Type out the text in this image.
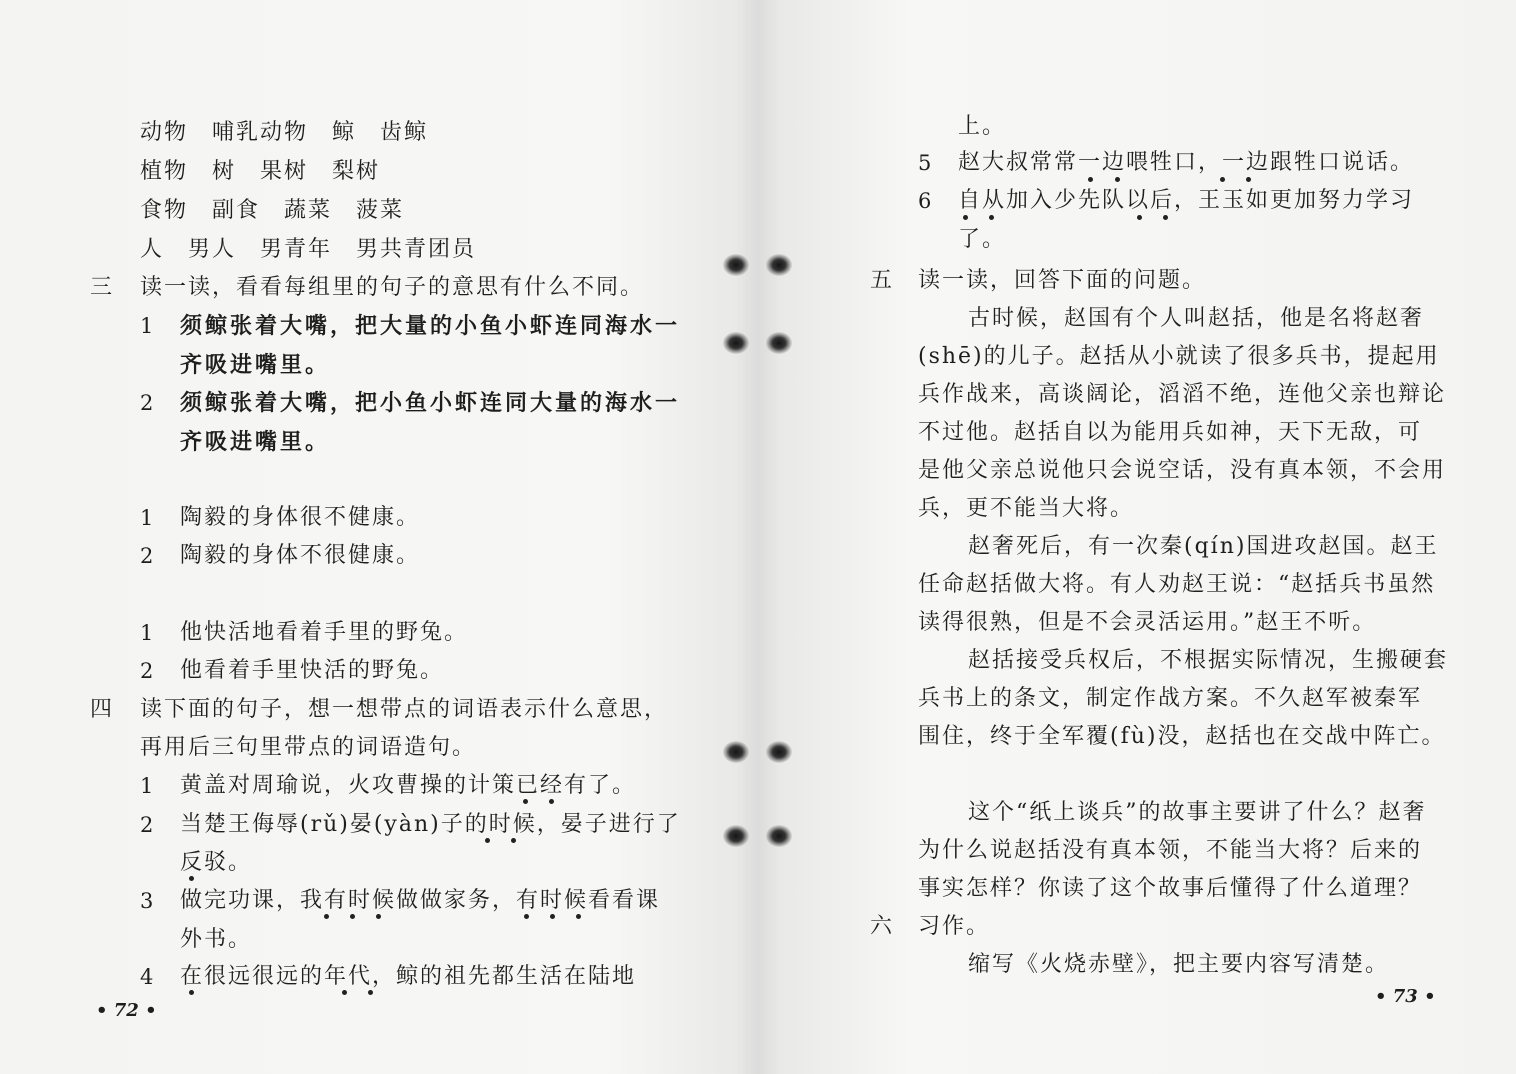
动物　哺乳动物　鲸　齿鲸

植物　树　果树　梨树

食物　副食　蔬菜　菠菜

人　男人　男青年　男共青团员

三 读一读，看看每组里的句子的意思有什么不同。

1 须鲸张着大嘴，把大量的小鱼小虾连同海水一

齐吸进嘴里。

2 须鲸张着大嘴，把小鱼小虾连同大量的海水一

齐吸进嘴里。

1 陶毅的身体很不健康。

2 陶毅的身体不很健康。

1 他快活地看着手里的野兔。

2 他看着手里快活的野兔。

四 读下面的句子，想一想带点的词语表示什么意思，

再用后三句里带点的词语造句。

1 黄盖对周瑜说，火攻曹操的计策已经有了。

2 当楚王侮辱(rǔ)晏(yàn)子的时候，晏子进行了

反驳。

3 做完功课，我有时候做做家务，有时候看看课

外书。

4 在很远很远的年代，鲸的祖先都生活在陆地

• 72 •

上。

5 赵大叔常常一边喂牲口，一边跟牲口说话。

6 自从加入少先队以后，王玉如更加努力学习

了。

五 读一读，回答下面的问题。

古时候，赵国有个人叫赵括，他是名将赵奢

(shē)的儿子。赵括从小就读了很多兵书，提起用

兵作战来，高谈阔论，滔滔不绝，连他父亲也辩论

不过他。赵括自以为能用兵如神，天下无敌，可

是他父亲总说他只会说空话，没有真本领，不会用

兵，更不能当大将。

赵奢死后，有一次秦(qín)国进攻赵国。赵王

任命赵括做大将。有人劝赵王说：“赵括兵书虽然

读得很熟，但是不会灵活运用。”赵王不听。

赵括接受兵权后，不根据实际情况，生搬硬套

兵书上的条文，制定作战方案。不久赵军被秦军

围住，终于全军覆(fù)没，赵括也在交战中阵亡。

这个“纸上谈兵”的故事主要讲了什么？赵奢

为什么说赵括没有真本领，不能当大将？后来的

事实怎样？你读了这个故事后懂得了什么道理？

六 习作。

缩写《火烧赤壁》，把主要内容写清楚。

• 73 •
